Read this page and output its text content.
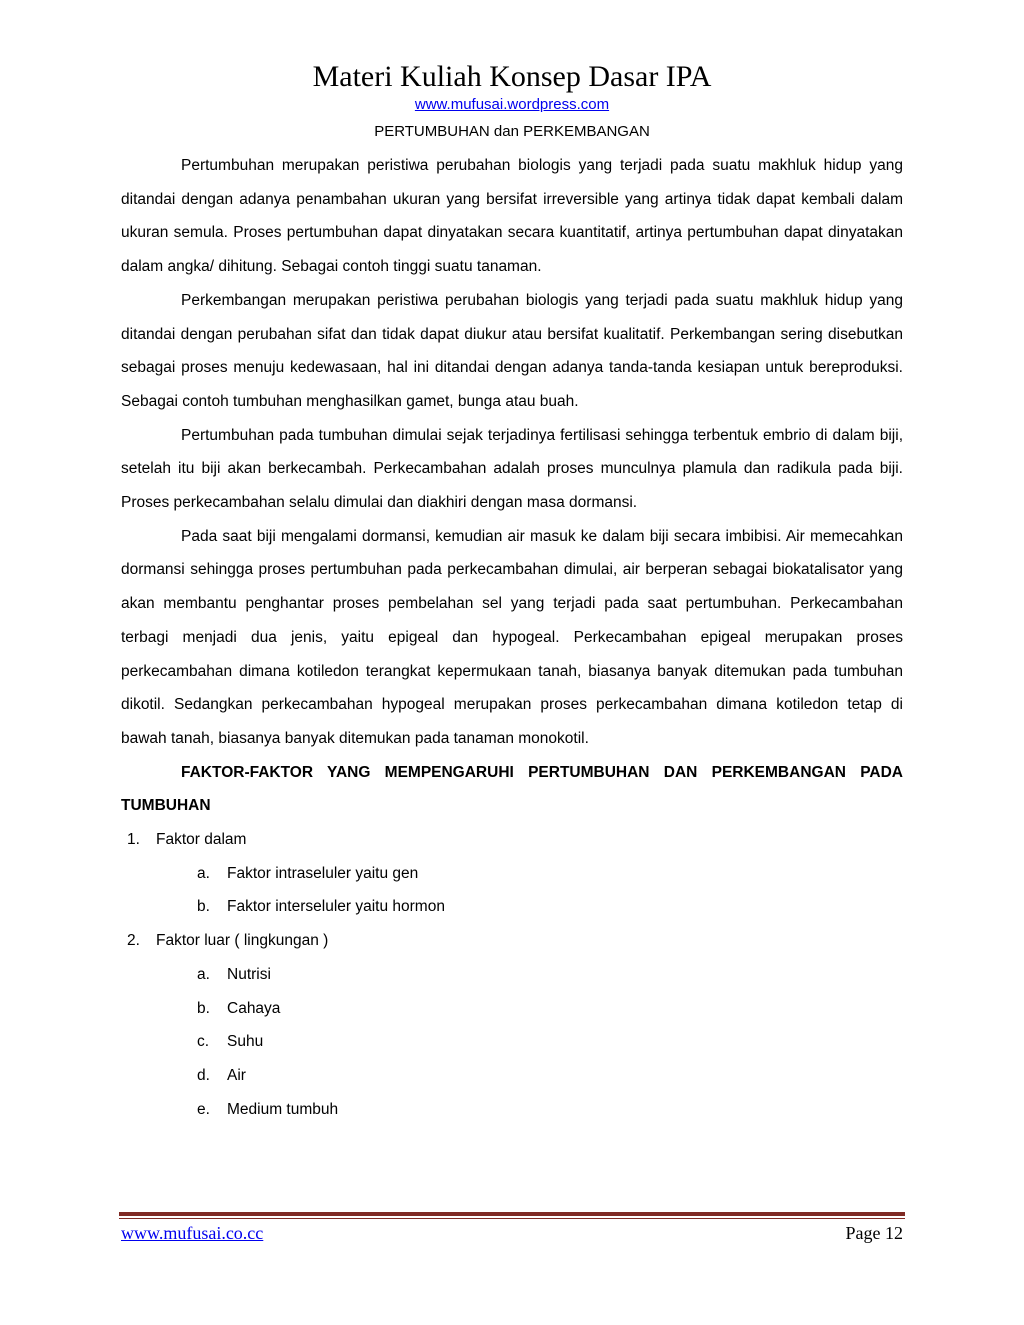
Materi Kuliah Konsep Dasar IPA
www.mufusai.wordpress.com
PERTUMBUHAN dan PERKEMBANGAN

Pertumbuhan merupakan peristiwa perubahan biologis yang terjadi pada suatu makhluk hidup yang ditandai dengan adanya penambahan ukuran yang bersifat irreversible yang artinya tidak dapat kembali dalam ukuran semula. Proses pertumbuhan dapat dinyatakan secara kuantitatif, artinya pertumbuhan dapat dinyatakan dalam angka/ dihitung. Sebagai contoh tinggi suatu tanaman.

Perkembangan merupakan peristiwa perubahan biologis yang terjadi pada suatu makhluk hidup yang ditandai dengan perubahan sifat dan tidak dapat diukur atau bersifat kualitatif. Perkembangan sering disebutkan sebagai proses menuju kedewasaan, hal ini ditandai dengan adanya tanda-tanda kesiapan untuk bereproduksi. Sebagai contoh tumbuhan menghasilkan gamet, bunga atau buah.

Pertumbuhan pada tumbuhan dimulai sejak terjadinya fertilisasi sehingga terbentuk embrio di dalam biji, setelah itu biji akan berkecambah. Perkecambahan adalah proses munculnya plamula dan radikula pada biji. Proses perkecambahan selalu dimulai dan diakhiri dengan masa dormansi.

Pada saat biji mengalami dormansi, kemudian air masuk ke dalam biji secara imbibisi. Air memecahkan dormansi sehingga proses pertumbuhan pada perkecambahan dimulai, air berperan sebagai biokatalisator yang akan membantu penghantar proses pembelahan sel yang terjadi pada saat pertumbuhan. Perkecambahan terbagi menjadi dua jenis, yaitu epigeal dan hypogeal. Perkecambahan epigeal merupakan proses perkecambahan dimana kotiledon terangkat kepermukaan tanah, biasanya banyak ditemukan pada tumbuhan dikotil. Sedangkan perkecambahan hypogeal merupakan proses perkecambahan dimana kotiledon tetap di bawah tanah, biasanya banyak ditemukan pada tanaman monokotil.

FAKTOR-FAKTOR YANG MEMPENGARUHI PERTUMBUHAN DAN PERKEMBANGAN PADA TUMBUHAN

1. Faktor dalam
a. Faktor intraseluler yaitu gen
b. Faktor interseluler yaitu hormon
2. Faktor luar ( lingkungan )
a. Nutrisi
b. Cahaya
c. Suhu
d. Air
e. Medium tumbuh
www.mufusai.co.cc	Page 12
